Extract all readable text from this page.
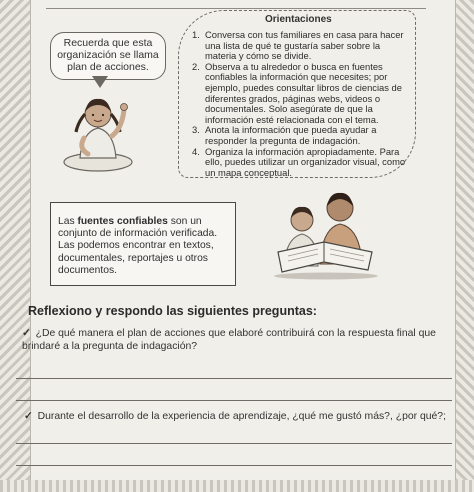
Recuerda que esta organización se llama plan de acciones.
Orientaciones
1. Conversa con tus familiares en casa para hacer una lista de qué te gustaría saber sobre la materia y cómo se divide.
2. Observa a tu alrededor o busca en fuentes confiables la información que necesites; por ejemplo, puedes consultar libros de ciencias de diferentes grados, páginas webs, videos o documentales. Solo asegúrate de que la información esté relacionada con el tema.
3. Anota la información que pueda ayudar a responder la pregunta de indagación.
4. Organiza la información apropiadamente. Para ello, puedes utilizar un organizador visual, como un mapa conceptual.
Las fuentes confiables son un conjunto de información verificada. Las podemos encontrar en textos, documentales, reportajes u otros documentos.
Reflexiono y respondo las siguientes preguntas:
✓ ¿De qué manera el plan de acciones que elaboré contribuirá con la respuesta final que brindaré a la pregunta de indagación?
✓ Durante el desarrollo de la experiencia de aprendizaje, ¿qué me gustó más?, ¿por qué?;
